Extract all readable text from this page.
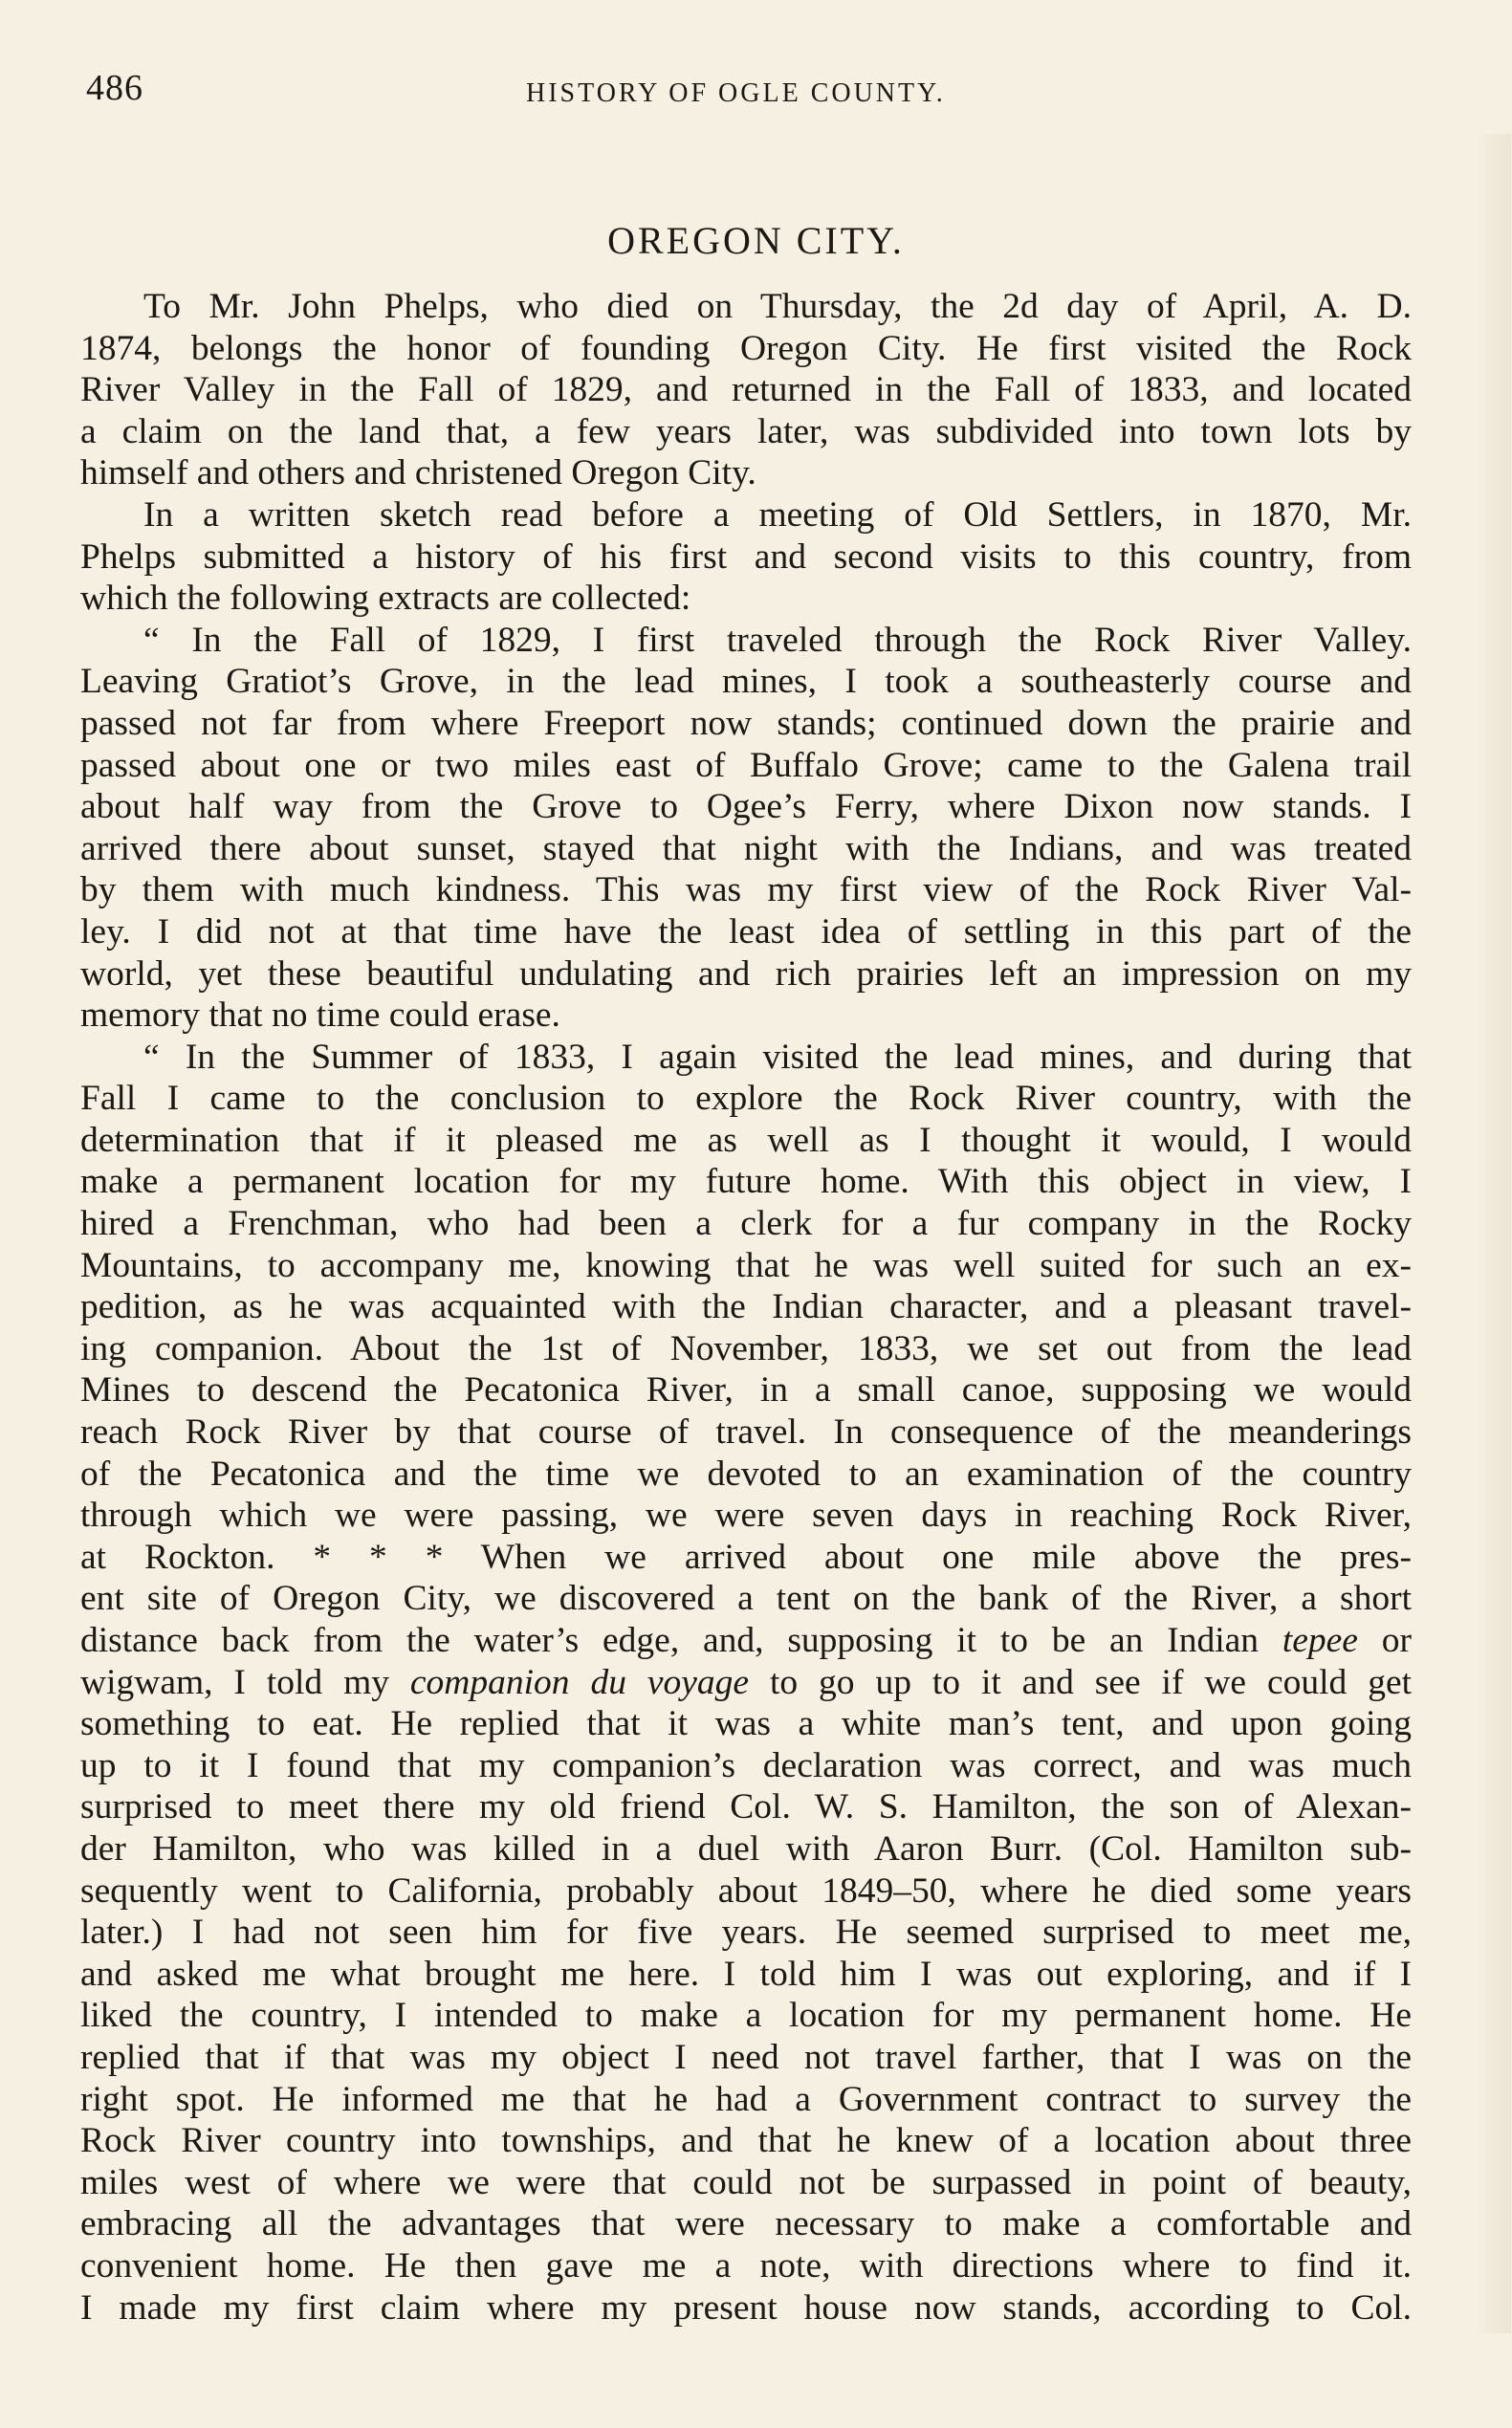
486	HISTORY OF OGLE COUNTY.
OREGON CITY.
To Mr. John Phelps, who died on Thursday, the 2d day of April, A. D.
1874, belongs the honor of founding Oregon City. He first visited the Rock
River Valley in the Fall of 1829, and returned in the Fall of 1833, and located
a claim on the land that, a few years later, was subdivided into town lots by
himself and others and christened Oregon City.
In a written sketch read before a meeting of Old Settlers, in 1870, Mr.
Phelps submitted a history of his first and second visits to this country, from
which the following extracts are collected:
“ In the Fall of 1829, I first traveled through the Rock River Valley.
Leaving Gratiot’s Grove, in the lead mines, I took a southeasterly course and
passed not far from where Freeport now stands; continued down the prairie and
passed about one or two miles east of Buffalo Grove; came to the Galena trail
about half way from the Grove to Ogee’s Ferry, where Dixon now stands. I
arrived there about sunset, stayed that night with the Indians, and was treated
by them with much kindness. This was my first view of the Rock River Val-
ley. I did not at that time have the least idea of settling in this part of the
world, yet these beautiful undulating and rich prairies left an impression on my
memory that no time could erase.
“ In the Summer of 1833, I again visited the lead mines, and during that
Fall I came to the conclusion to explore the Rock River country, with the
determination that if it pleased me as well as I thought it would, I would
make a permanent location for my future home. With this object in view, I
hired a Frenchman, who had been a clerk for a fur company in the Rocky
Mountains, to accompany me, knowing that he was well suited for such an ex-
pedition, as he was acquainted with the Indian character, and a pleasant travel-
ing companion. About the 1st of November, 1833, we set out from the lead
Mines to descend the Pecatonica River, in a small canoe, supposing we would
reach Rock River by that course of travel. In consequence of the meanderings
of the Pecatonica and the time we devoted to an examination of the country
through which we were passing, we were seven days in reaching Rock River,
at Rockton. * * * When we arrived about one mile above the pres-
ent site of Oregon City, we discovered a tent on the bank of the River, a short
distance back from the water’s edge, and, supposing it to be an Indian tepee or
wigwam, I told my companion du voyage to go up to it and see if we could get
something to eat. He replied that it was a white man’s tent, and upon going
up to it I found that my companion’s declaration was correct, and was much
surprised to meet there my old friend Col. W. S. Hamilton, the son of Alexan-
der Hamilton, who was killed in a duel with Aaron Burr. (Col. Hamilton sub-
sequently went to California, probably about 1849–50, where he died some years
later.) I had not seen him for five years. He seemed surprised to meet me,
and asked me what brought me here. I told him I was out exploring, and if I
liked the country, I intended to make a location for my permanent home. He
replied that if that was my object I need not travel farther, that I was on the
right spot. He informed me that he had a Government contract to survey the
Rock River country into townships, and that he knew of a location about three
miles west of where we were that could not be surpassed in point of beauty,
embracing all the advantages that were necessary to make a comfortable and
convenient home. He then gave me a note, with directions where to find it.
I made my first claim where my present house now stands, according to Col.
